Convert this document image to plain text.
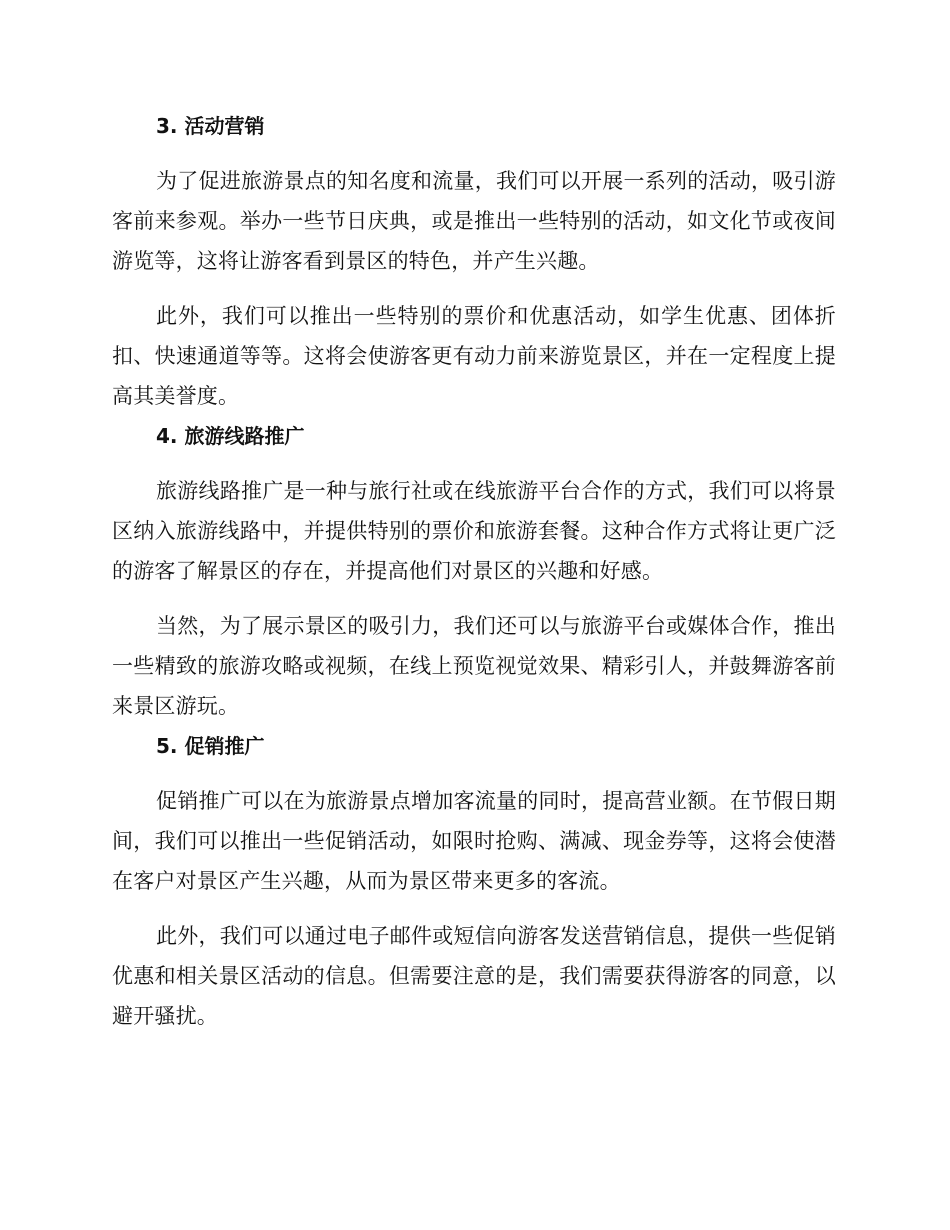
3. 活动营销

为了促进旅游景点的知名度和流量，我们可以开展一系列的活动，吸引游客前来参观。举办一些节日庆典，或是推出一些特别的活动，如文化节或夜间游览等，这将让游客看到景区的特色，并产生兴趣。

此外，我们可以推出一些特别的票价和优惠活动，如学生优惠、团体折扣、快速通道等等。这将会使游客更有动力前来游览景区，并在一定程度上提高其美誉度。

4. 旅游线路推广

旅游线路推广是一种与旅行社或在线旅游平台合作的方式，我们可以将景区纳入旅游线路中，并提供特别的票价和旅游套餐。这种合作方式将让更广泛的游客了解景区的存在，并提高他们对景区的兴趣和好感。

当然，为了展示景区的吸引力，我们还可以与旅游平台或媒体合作，推出一些精致的旅游攻略或视频，在线上预览视觉效果、精彩引人，并鼓舞游客前来景区游玩。

5. 促销推广

促销推广可以在为旅游景点增加客流量的同时，提高营业额。在节假日期间，我们可以推出一些促销活动，如限时抢购、满减、现金券等，这将会使潜在客户对景区产生兴趣，从而为景区带来更多的客流。

此外，我们可以通过电子邮件或短信向游客发送营销信息，提供一些促销优惠和相关景区活动的信息。但需要注意的是，我们需要获得游客的同意，以避开骚扰。
